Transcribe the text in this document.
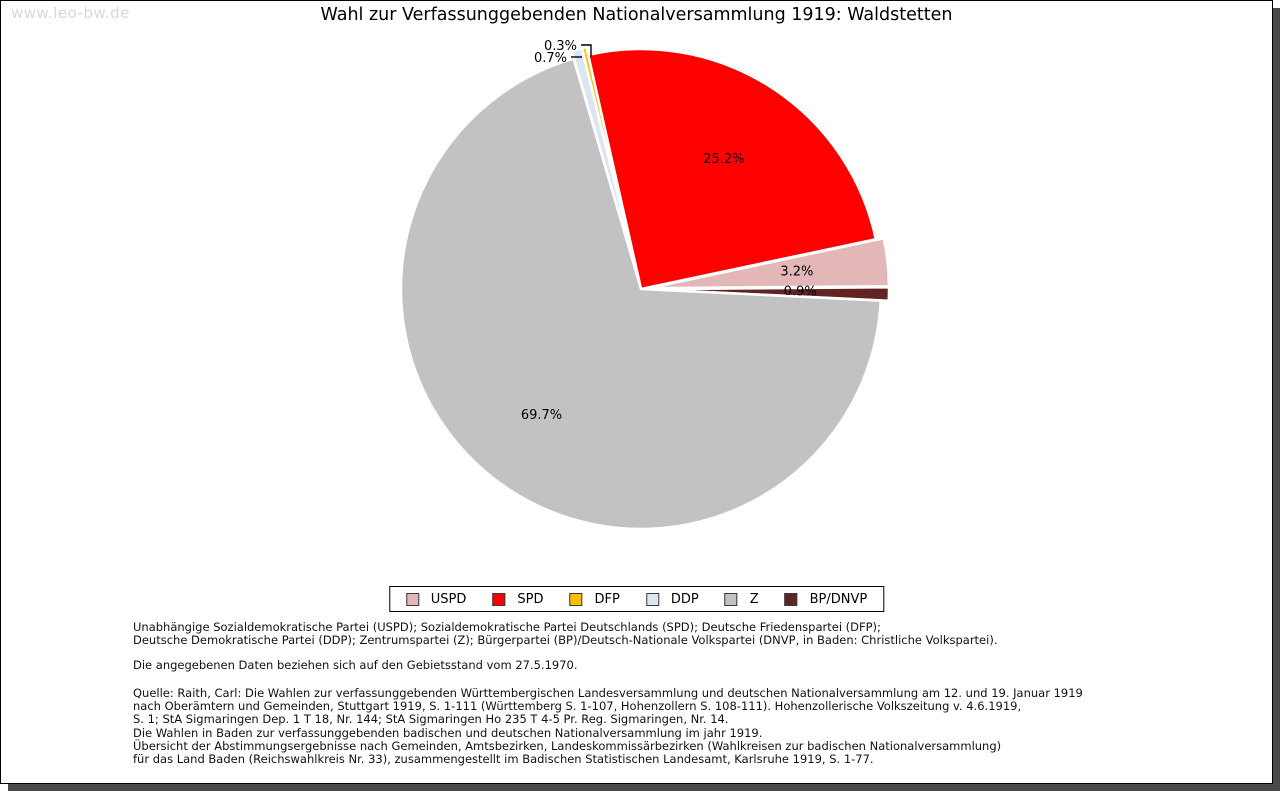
www.leo-bw.de	Wahl zur Verfassunggebenden Nationalversammlung 1919: Waldstetten
25.2%
3.2%
0.9%
69.7%
0.7%
0.3%
USPD	SPD	DFP	DDP	Z	BP/DNVP
Unabhängige Sozialdemokratische Partei (USPD); Sozialdemokratische Partei Deutschlands (SPD); Deutsche Friedenspartei (DFP);
Deutsche Demokratische Partei (DDP); Zentrumspartei (Z); Bürgerpartei (BP)/Deutsch-Nationale Volkspartei (DNVP, in Baden: Christliche Volkspartei).
Die angegebenen Daten beziehen sich auf den Gebietsstand vom 27.5.1970.
Quelle: Raith, Carl: Die Wahlen zur verfassunggebenden Württembergischen Landesversammlung und deutschen Nationalversammlung am 12. und 19. Januar 1919
nach Oberämtern und Gemeinden, Stuttgart 1919, S. 1-111 (Württemberg S. 1-107, Hohenzollern S. 108-111). Hohenzollerische Volkszeitung v. 4.6.1919,
S. 1; StA Sigmaringen Dep. 1 T 18, Nr. 144; StA Sigmaringen Ho 235 T 4-5 Pr. Reg. Sigmaringen, Nr. 14.
Die Wahlen in Baden zur verfassunggebenden badischen und deutschen Nationalversammlung im jahr 1919.
Übersicht der Abstimmungsergebnisse nach Gemeinden, Amtsbezirken, Landeskommissärbezirken (Wahlkreisen zur badischen Nationalversammlung)
für das Land Baden (Reichswahlkreis Nr. 33), zusammengestellt im Badischen Statistischen Landesamt, Karlsruhe 1919, S. 1-77.
